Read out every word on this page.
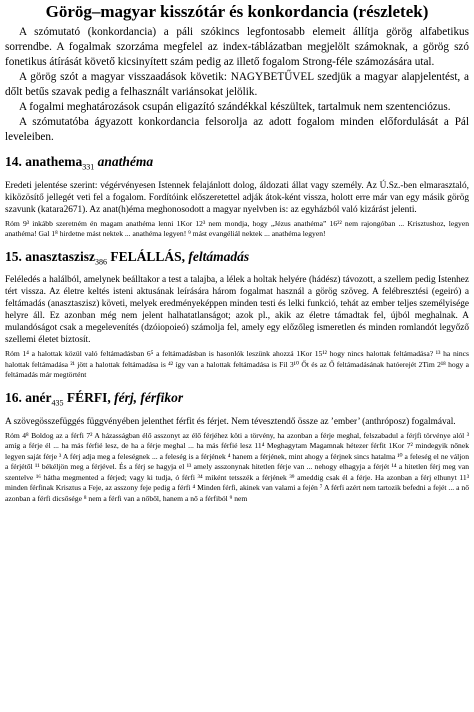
Görög–magyar kisszótár és konkordancia (részletek)

A szómutató (konkordancia) a páli szókincs legfontosabb elemeit állítja görög alfabetikus sorrendbe. A fogalmak szorzáma megfelel az index-táblázatban megjelölt számoknak, a görög szó fonetikus átírását követő kicsinyített szám pedig az illető fogalom Strong-féle számozására utal.

A görög szót a magyar visszaadások követik: NAGYBETŰVEL szedjük a magyar alapjelentést, a dőlt betűs szavak pedig a felhasznált variánsokat jelölik.

A fogalmi meghatározások csupán eligazító szándékkal készültek, tartalmuk nem szentenciózus.

A szómutatóba ágyazott konkordancia felsorolja az adott fogalom minden előfordulását a Pál leveleiben.

14. anathema$_{331}$ anathéma

Eredeti jelentése szerint: végérvényesen Istennek felajánlott dolog, áldozati állat vagy személy. Az Ú.Sz.-ben elmarasztaló, kiközösítő jellegét veti fel a fogalom. Fordítóink előszeretettel adják átok-ként vissza, holott erre már van egy másik görög szavunk (katara2671). Az anat(h)éma meghonosodott a magyar nyelvben is: az egyházból való kizárást jelenti.

Róm 9³ inkább szeretném én magam anathéma lenni 1Kor 12³ nem mondja, hogy „Jézus anathéma” 16²² nem rajongóban ... Krisztushoz, legyen anathéma! Gal 1⁸ hirdetne mást nektek ... anathéma legyen! ⁹ mást evangéliál nektek ... anathéma legyen!

15. anasztaszisz$_{386}$ FELÁLLÁS, feltámadás

Feléledés a halálból, amelynek beálltakor a test a talajba, a lélek a holtak helyére (hádész) távozott, a szellem pedig Istenhez tért vissza. Az életre keltés isteni aktusának leírására három fogalmat használ a görög szöveg. A felébresztési (egeiró) a feltámadás (anasztaszisz) követi, melyek eredményeképpen minden testi és lelki funkció, tehát az ember teljes személyisége helyre áll. Ez azonban még nem jelent halhatatlanságot; azok pl., akik az életre támadtak fel, újból meghalnak. A mulandóságot csak a megelevenítés (dzóiopoieó) számolja fel, amely egy előzőleg ismeretlen és minden romlandót legyőző szellemi életet biztosít.

Róm 1⁴ a halottak közül való feltámadásban 6⁵ a feltámadásban is hasonlók leszünk ahozzá 1Kor 15¹² hogy nincs halottak feltámadása? ¹³ ha nincs halottak feltámadása ²¹ jött a halottak feltámadása is ⁴² így van a halottak feltámadása is Fil 3¹⁰ Őt és az Ő feltámadásának hatóerejét 2Tim 2¹⁸ hogy a feltámadás már megtörtént

16. anér$_{435}$ FÉRFI, férj, férfikor

A szövegösszefüggés függvényében jelenthet férfit és férjet. Nem tévesztendő össze az ’ember’ (anthróposz) fogalmával.

Róm 4⁸ Boldog az a férfi 7² A házasságban élő asszonyt az élő férjéhez köti a törvény, ha azonban a férje meghal, felszabadul a férjfi törvénye alól ³ amíg a férje él ... ha más férfié lesz, de ha a férje meghal ... ha más férfié lesz 11⁴ Meghagytam Magamnak hétezer férfit 1Kor 7² mindegyik nőnek legyen saját férje ³ A férj adja meg a feleségnek ... a feleség is a férjének ⁴ hanem a férjének, mint ahogy a férjnek sincs hatalma ¹⁰ a feleség el ne váljon a férjétől ¹¹ békéljön meg a férjével. És a férj se hagyja el ¹³ amely asszonynak hitetlen férje van ... nehogy elhagyja a férjét ¹⁴ a hitetlen férj meg van szentelve ¹⁶ hátha megmented a férjed; vagy ki tudja, ó férfi ³⁴ miként tetsszék a férjének ³⁹ ameddig csak él a férje. Ha azonban a férj elhunyt 11³ minden férfinak Krisztus a Feje, az asszony feje pedig a férfi ⁴ Minden férfi, akinek van valami a fején ⁷ A férfi azért nem tartozik befedni a fejét ... a nő azonban a férfi dicsősége ⁸ nem a férfi van a nőből, hanem a nő a férfiból ⁹ nem
